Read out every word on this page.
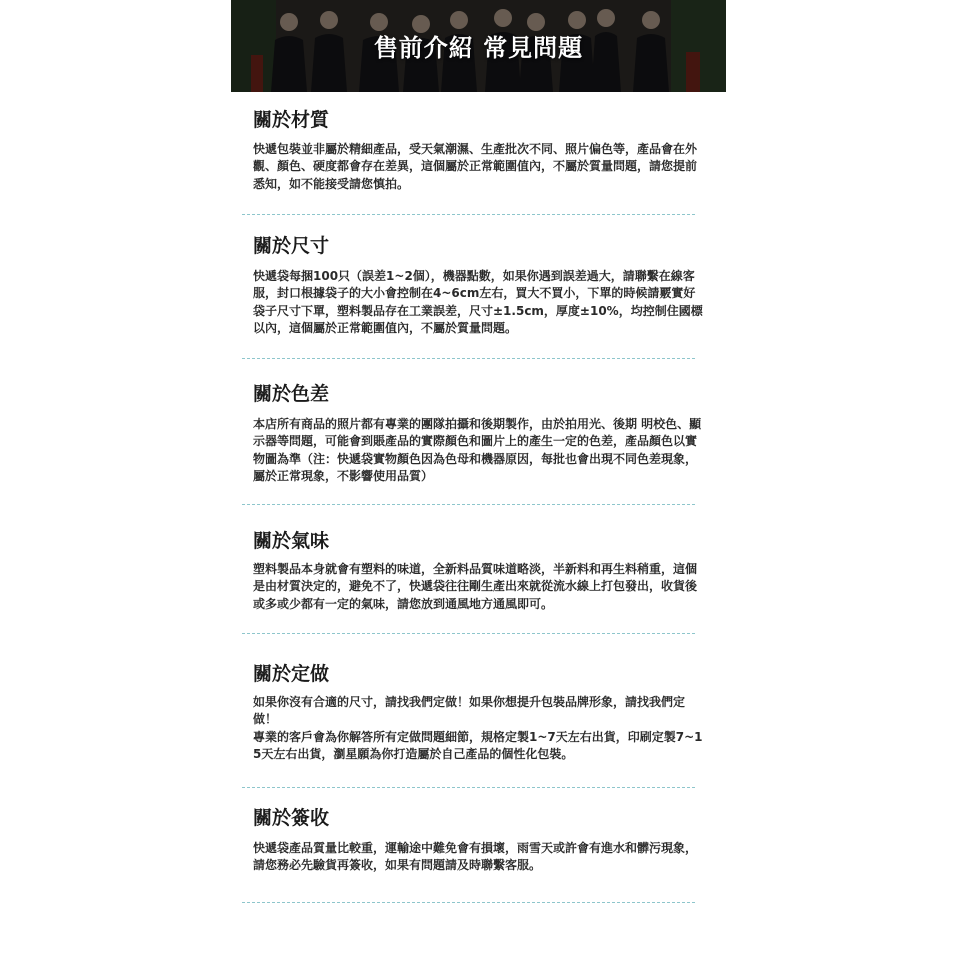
售前介紹 常見問題
關於材質
快遞包裝並非屬於精細產品，受天氣潮濕、生產批次不同、照片偏色等，產品會在外觀、顏色、硬度都會存在差異，這個屬於正常範圍值內，不屬於質量問題，請您提前悉知，如不能接受請您慎拍。
關於尺寸
快遞袋每捆100只（誤差1~2個），機器點數，如果你遇到誤差過大，請聯繫在線客服，封口根據袋子的大小會控制在4~6cm左右，買大不買小，下單的時候請覈實好袋子尺寸下單，塑料製品存在工業誤差，尺寸±1.5cm，厚度±10%，均控制住國標以內，這個屬於正常範圍值內，不屬於質量問題。
關於色差
本店所有商品的照片都有專業的團隊拍攝和後期製作，由於拍用光、後期 明校色、顯示器等問題，可能會到賬產品的實際顏色和圖片上的產生一定的色差，產品顏色以實物圖為準（注：快遞袋實物顏色因為色母和機器原因，每批也會出現不同色差現象，屬於正常現象，不影響使用品質）
關於氣味
塑料製品本身就會有塑料的味道，全新料品質味道略淡，半新料和再生料稍重，這個是由材質決定的，避免不了，快遞袋往往剛生產出來就從流水線上打包發出，收貨後或多或少都有一定的氣味，請您放到通風地方通風即可。
關於定做
如果你沒有合適的尺寸，請找我們定做！如果你想提升包裝品牌形象，請找我們定做！
專業的客戶會為你解答所有定做問題細節，規格定製1~7天左右出貨，印刷定製7~15天左右出貨，瀏星願為你打造屬於自己產品的個性化包裝。
關於簽收
快遞袋產品質量比較重，運輸途中難免會有損壞，雨雪天或許會有進水和髒污現象，請您務必先驗貨再簽收，如果有問題請及時聯繫客服。
